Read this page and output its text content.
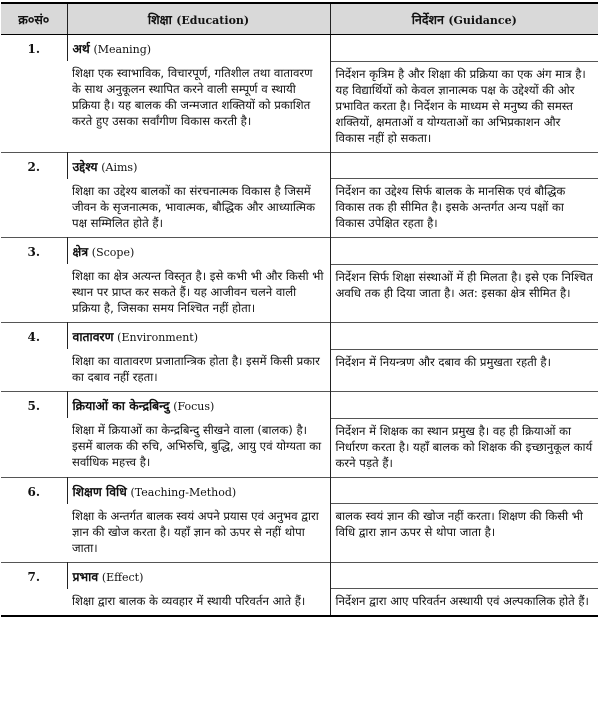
क्र०सं०	शिक्षा (Education)	निर्देशन (Guidance)
1.	अर्थ (Meaning)	
	शिक्षा एक स्वाभाविक, विचारपूर्ण, गतिशील तथा वातावरण के साथ अनुकूलन स्थापित करने वाली सम्पूर्ण व स्थायी प्रक्रिया है। यह बालक की जन्मजात शक्तियों को प्रकाशित करते हुए उसका सर्वांगीण विकास करती है।	निर्देशन कृत्रिम है और शिक्षा की प्रक्रिया का एक अंग मात्र है। यह विद्यार्थियों को केवल ज्ञानात्मक पक्ष के उद्देश्यों की ओर प्रभावित करता है। निर्देशन के माध्यम से मनुष्य की समस्त शक्तियों, क्षमताओं व योग्यताओं का अभिप्रकाशन और विकास नहीं हो सकता।
2.	उद्देश्य (Aims)	
	शिक्षा का उद्देश्य बालकों का संरचनात्मक विकास है जिसमें जीवन के सृजनात्मक, भावात्मक, बौद्धिक और आध्यात्मिक पक्ष सम्मिलित होते हैं।	निर्देशन का उद्देश्य सिर्फ बालक के मानसिक एवं बौद्धिक विकास तक ही सीमित है। इसके अन्तर्गत अन्य पक्षों का विकास उपेक्षित रहता है।
3.	क्षेत्र (Scope)	
	शिक्षा का क्षेत्र अत्यन्त विस्तृत है। इसे कभी भी और किसी भी स्थान पर प्राप्त कर सकते हैं। यह आजीवन चलने वाली प्रक्रिया है, जिसका समय निश्चित नहीं होता।	निर्देशन सिर्फ शिक्षा संस्थाओं में ही मिलता है। इसे एक निश्चित अवधि तक ही दिया जाता है। अत: इसका क्षेत्र सीमित है।
4.	वातावरण (Environment)	
	शिक्षा का वातावरण प्रजातान्त्रिक होता है। इसमें किसी प्रकार का दबाव नहीं रहता।	निर्देशन में नियन्त्रण और दबाव की प्रमुखता रहती है।
5.	क्रियाओं का केन्द्रबिन्दु (Focus)	
	शिक्षा में क्रियाओं का केन्द्रबिन्दु सीखने वाला (बालक) है। इसमें बालक की रुचि, अभिरुचि, बुद्धि, आयु एवं योग्यता का सर्वाधिक महत्त्व है।	निर्देशन में शिक्षक का स्थान प्रमुख है। वह ही क्रियाओं का निर्धारण करता है। यहाँ बालक को शिक्षक की इच्छानुकूल कार्य करने पड़ते हैं।
6.	शिक्षण विधि (Teaching-Method)	
	शिक्षा के अन्तर्गत बालक स्वयं अपने प्रयास एवं अनुभव द्वारा ज्ञान की खोज करता है। यहाँ ज्ञान को ऊपर से नहीं थोपा जाता।	बालक स्वयं ज्ञान की खोज नहीं करता। शिक्षण की किसी भी विधि द्वारा ज्ञान ऊपर से थोपा जाता है।
7.	प्रभाव (Effect)	
	शिक्षा द्वारा बालक के व्यवहार में स्थायी परिवर्तन आते हैं।	निर्देशन द्वारा आए परिवर्तन अस्थायी एवं अल्पकालिक होते हैं।
